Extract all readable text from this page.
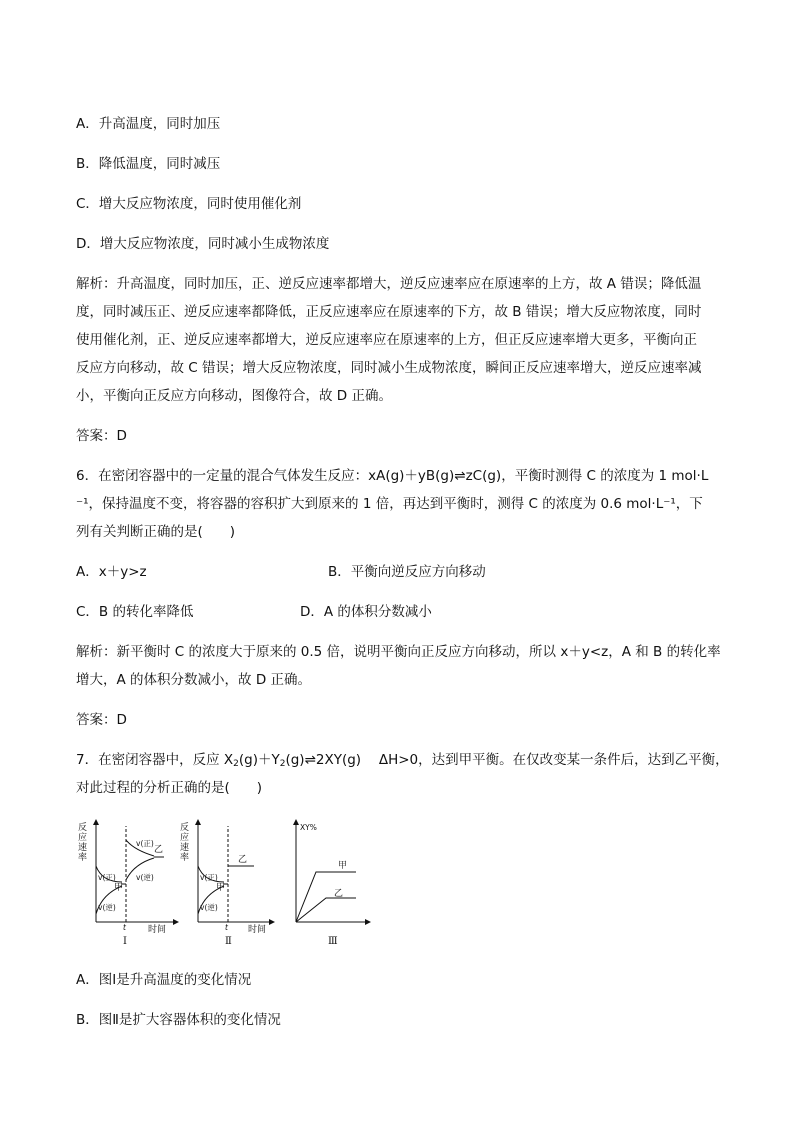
A．升高温度，同时加压
B．降低温度，同时减压
C．增大反应物浓度，同时使用催化剂
D．增大反应物浓度，同时减小生成物浓度
解析：升高温度，同时加压，正、逆反应速率都增大，逆反应速率应在原速率的上方，故 A 错误；降低温
度，同时减压正、逆反应速率都降低，正反应速率应在原速率的下方，故 B 错误；增大反应物浓度，同时
使用催化剂，正、逆反应速率都增大，逆反应速率应在原速率的上方，但正反应速率增大更多，平衡向正
反应方向移动，故 C 错误；增大反应物浓度，同时减小生成物浓度，瞬间正反应速率增大，逆反应速率减
小，平衡向正反应方向移动，图像符合，故 D 正确。
答案：D
6．在密闭容器中的一定量的混合气体发生反应：xA(g)＋yB(g)⇌zC(g)，平衡时测得 C 的浓度为 1 mol·L
⁻¹，保持温度不变，将容器的容积扩大到原来的 1 倍，再达到平衡时，测得 C 的浓度为 0.6 mol·L⁻¹，下
列有关判断正确的是(　　)
A．x＋y>z	B．平衡向逆反应方向移动
C．B 的转化率降低	D．A 的体积分数减小
解析：新平衡时 C 的浓度大于原来的 0.5 倍，说明平衡向正反应方向移动，所以 x＋y<z，A 和 B 的转化率
增大，A 的体积分数减小，故 D 正确。
答案：D
7．在密闭容器中，反应 $X_2(g)+Y_2(g)\rightleftharpoons 2XY(g)$　 ΔH>0，达到甲平衡。在仅改变某一条件后，达到乙平衡，
对此过程的分析正确的是(　　)
反
应
速
率
v(正)
v(逆)
甲
v(正)
v(逆)
乙
t 时间
Ⅰ
反
应
速
率
v(正)
v(逆)
甲
乙
t 时间
Ⅱ
XY%
甲
乙
Ⅲ
A．图Ⅰ是升高温度的变化情况
B．图Ⅱ是扩大容器体积的变化情况
